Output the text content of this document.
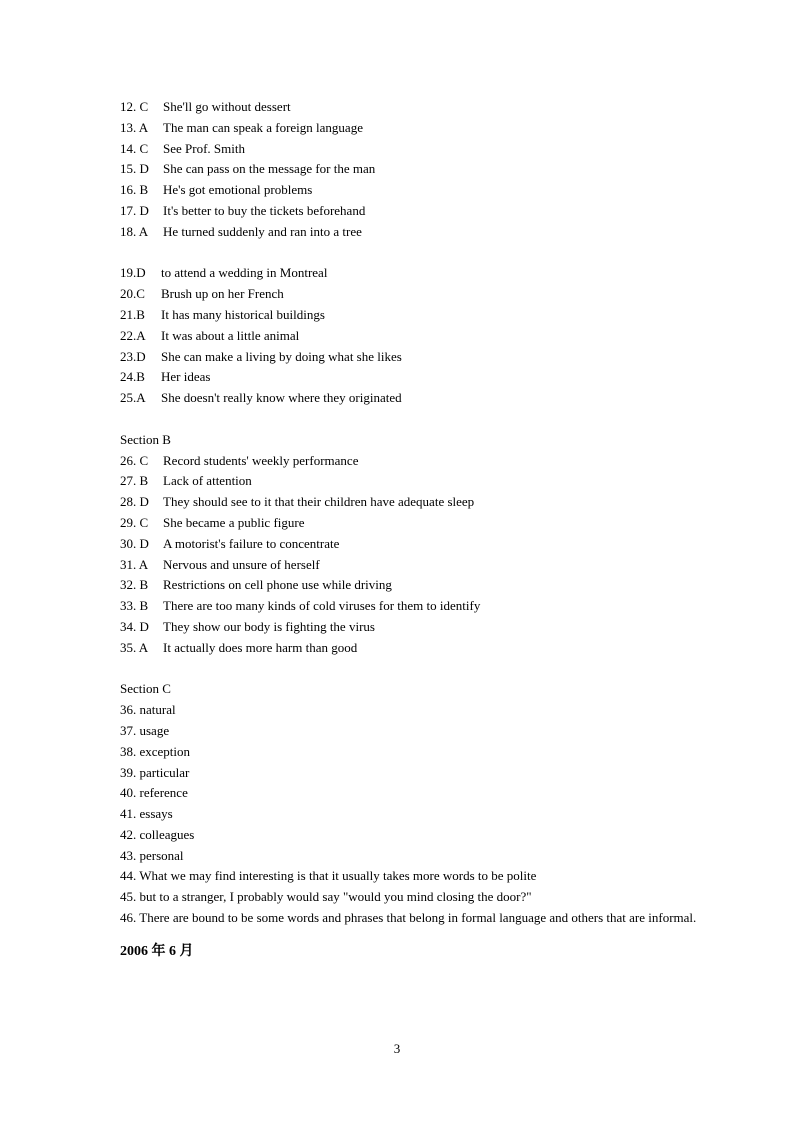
12. C She'll go without dessert
13. A The man can speak a foreign language
14. C See Prof. Smith
15. D She can pass on the message for the man
16. B He's got emotional problems
17. D It's better to buy the tickets beforehand
18. A He turned suddenly and ran into a tree
19.D to attend a wedding in Montreal
20.C Brush up on her French
21.B It has many historical buildings
22.A It was about a little animal
23.D She can make a living by doing what she likes
24.B Her ideas
25.A She doesn't really know where they originated
Section B
26. C Record students' weekly performance
27. B Lack of attention
28. D They should see to it that their children have adequate sleep
29. C She became a public figure
30. D A motorist's failure to concentrate
31. A Nervous and unsure of herself
32. B Restrictions on cell phone use while driving
33. B There are too many kinds of cold viruses for them to identify
34. D They show our body is fighting the virus
35. A It actually does more harm than good
Section C
36. natural
37. usage
38. exception
39. particular
40. reference
41. essays
42. colleagues
43. personal
44. What we may find interesting is that it usually takes more words to be polite
45. but to a stranger, I probably would say "would you mind closing the door?"
46. There are bound to be some words and phrases that belong in formal language and others that are informal.
2006 年 6 月
3
